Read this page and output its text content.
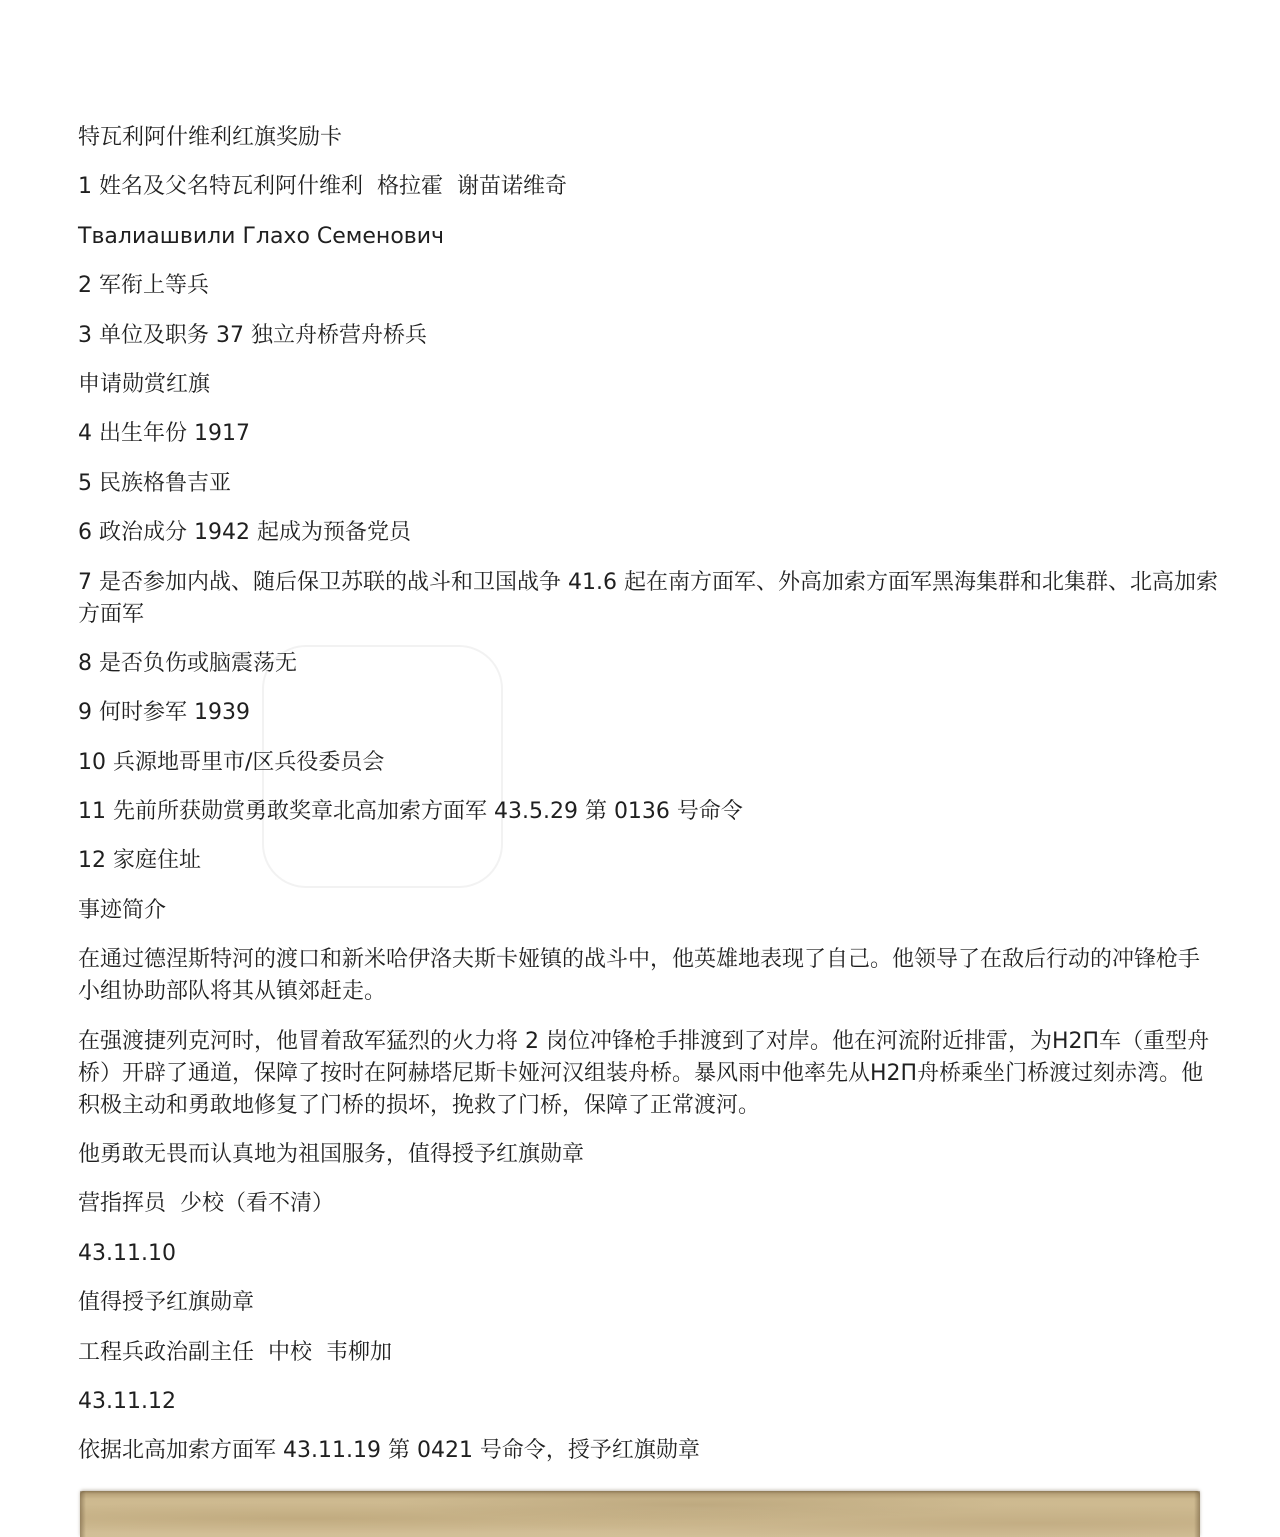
特瓦利阿什维利红旗奖励卡

1 姓名及父名特瓦利阿什维利  格拉霍  谢苗诺维奇

Твалиашвили Глахо Семенович

2 军衔上等兵

3 单位及职务 37 独立舟桥营舟桥兵

申请勋赏红旗

4 出生年份 1917

5 民族格鲁吉亚

6 政治成分 1942 起成为预备党员

7 是否参加内战、随后保卫苏联的战斗和卫国战争 41.6 起在南方面军、外高加索方面军黑海集群和北集群、北高加索
方面军

8 是否负伤或脑震荡无

9 何时参军 1939

10 兵源地哥里市/区兵役委员会

11 先前所获勋赏勇敢奖章北高加索方面军 43.5.29 第 0136 号命令

12 家庭住址

事迹简介

在通过德涅斯特河的渡口和新米哈伊洛夫斯卡娅镇的战斗中，他英雄地表现了自己。他领导了在敌后行动的冲锋枪手
小组协助部队将其从镇郊赶走。

在强渡捷列克河时，他冒着敌军猛烈的火力将 2 岗位冲锋枪手排渡到了对岸。他在河流附近排雷，为H2П车（重型舟
桥）开辟了通道，保障了按时在阿赫塔尼斯卡娅河汉组装舟桥。暴风雨中他率先从H2П舟桥乘坐门桥渡过刻赤湾。他
积极主动和勇敢地修复了门桥的损坏，挽救了门桥，保障了正常渡河。

他勇敢无畏而认真地为祖国服务，值得授予红旗勋章

营指挥员  少校（看不清）

43.11.10

值得授予红旗勋章

工程兵政治副主任  中校  韦柳加

43.11.12

依据北高加索方面军 43.11.19 第 0421 号命令，授予红旗勋章
